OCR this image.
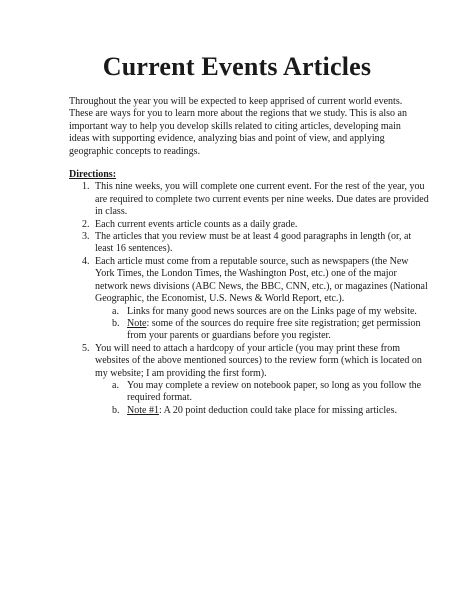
Current Events Articles

Throughout the year you will be expected to keep apprised of current world events. These are ways for you to learn more about the regions that we study. This is also an important way to help you develop skills related to citing articles, developing main ideas with supporting evidence, analyzing bias and point of view, and applying geographic concepts to readings.

Directions:
This nine weeks, you will complete one current event. For the rest of the year, you are required to complete two current events per nine weeks. Due dates are provided in class.
Each current events article counts as a daily grade.
The articles that you review must be at least 4 good paragraphs in length (or, at least 16 sentences).
Each article must come from a reputable source, such as newspapers (the New York Times, the London Times, the Washington Post, etc.) one of the major network news divisions (ABC News, the BBC, CNN, etc.), or magazines (National Geographic, the Economist, U.S. News & World Report, etc.).
a. Links for many good news sources are on the Links page of my website.
b. Note: some of the sources do require free site registration; get permission from your parents or guardians before you register.
You will need to attach a hardcopy of your article (you may print these from websites of the above mentioned sources) to the review form (which is located on my website; I am providing the first form).
a. You may complete a review on notebook paper, so long as you follow the required format.
b. Note #1: A 20 point deduction could take place for missing articles.
